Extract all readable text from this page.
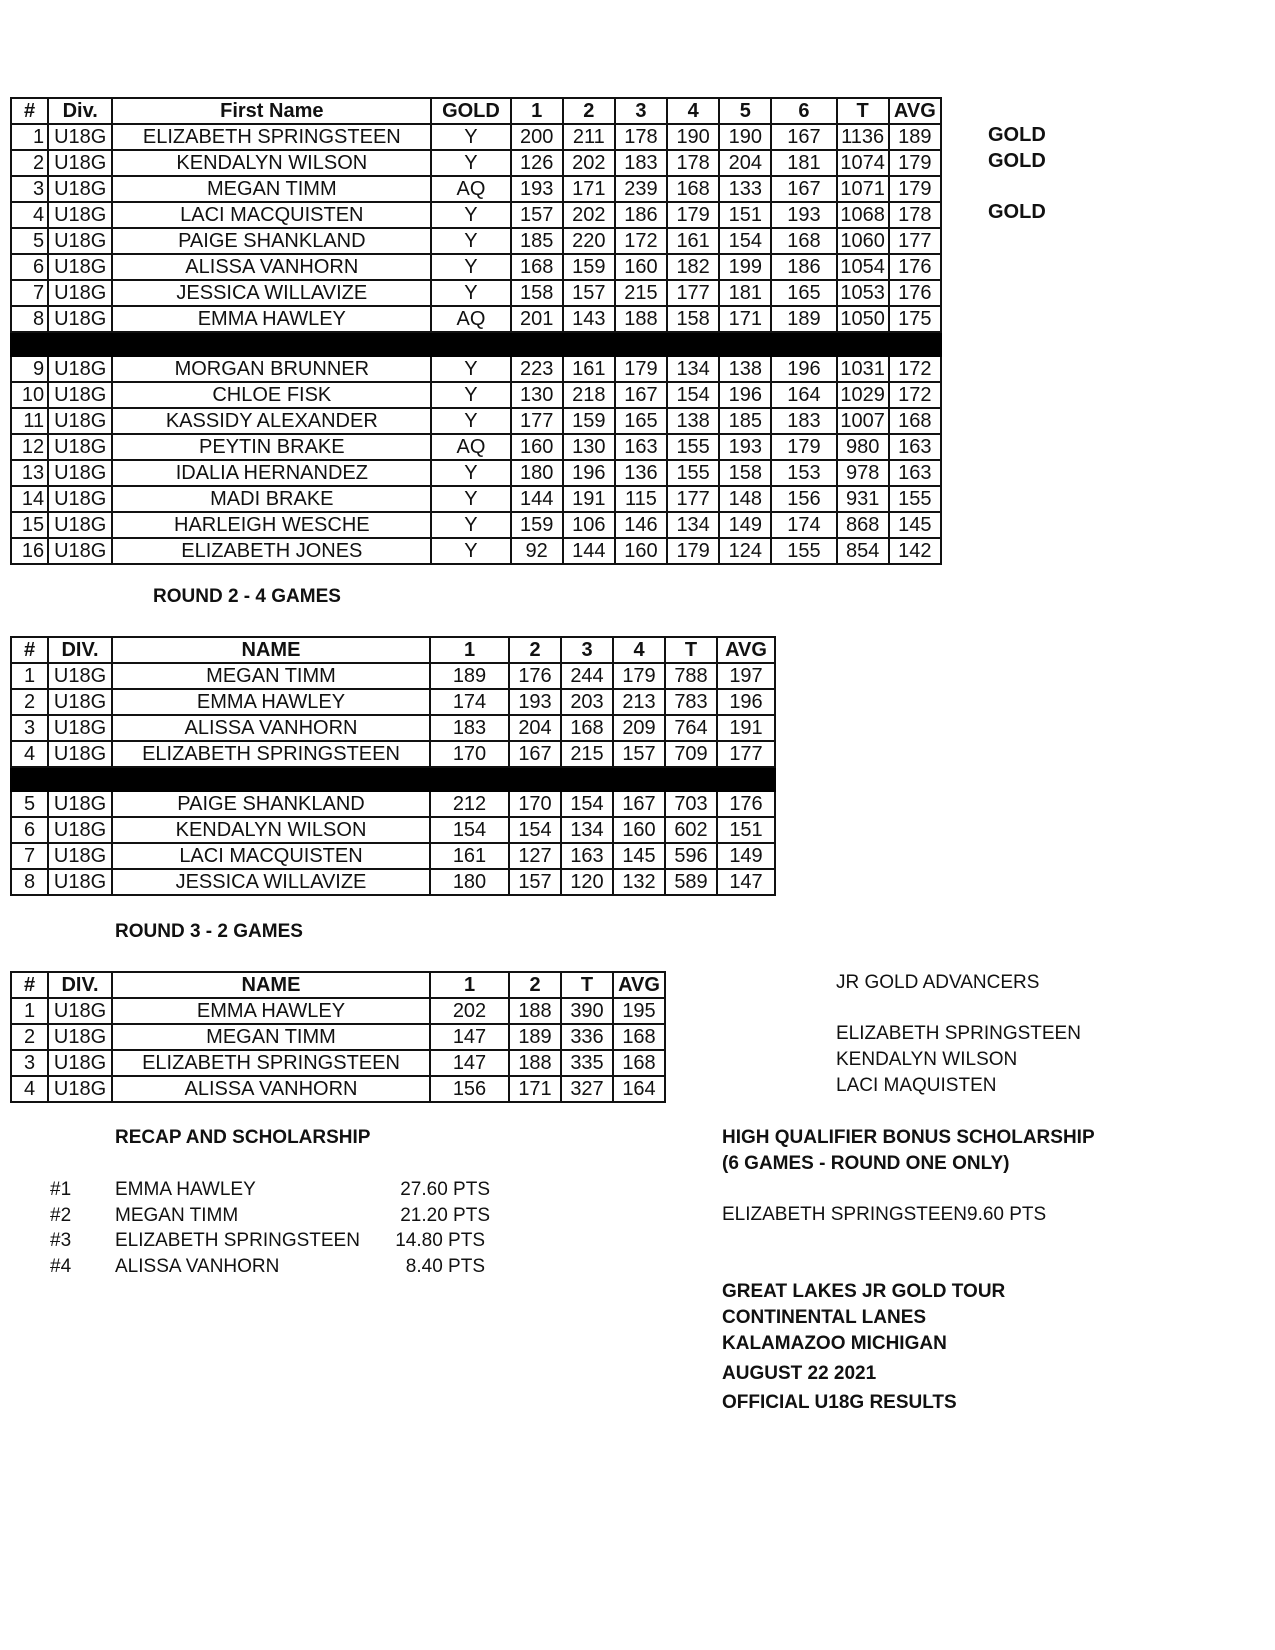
#	Div.	First Name	GOLD	1	2	3	4	5	6	T	AVG
1	U18G	ELIZABETH SPRINGSTEEN	Y	200	211	178	190	190	167	1136	189
2	U18G	KENDALYN WILSON	Y	126	202	183	178	204	181	1074	179
3	U18G	MEGAN TIMM	AQ	193	171	239	168	133	167	1071	179
4	U18G	LACI MACQUISTEN	Y	157	202	186	179	151	193	1068	178
5	U18G	PAIGE SHANKLAND	Y	185	220	172	161	154	168	1060	177
6	U18G	ALISSA VANHORN	Y	168	159	160	182	199	186	1054	176
7	U18G	JESSICA WILLAVIZE	Y	158	157	215	177	181	165	1053	176
8	U18G	EMMA HAWLEY	AQ	201	143	188	158	171	189	1050	175

9	U18G	MORGAN BRUNNER	Y	223	161	179	134	138	196	1031	172
10	U18G	CHLOE FISK	Y	130	218	167	154	196	164	1029	172
11	U18G	KASSIDY ALEXANDER	Y	177	159	165	138	185	183	1007	168
12	U18G	PEYTIN BRAKE	AQ	160	130	163	155	193	179	980	163
13	U18G	IDALIA HERNANDEZ	Y	180	196	136	155	158	153	978	163
14	U18G	MADI BRAKE	Y	144	191	115	177	148	156	931	155
15	U18G	HARLEIGH WESCHE	Y	159	106	146	134	149	174	868	145
16	U18G	ELIZABETH JONES	Y	92	144	160	179	124	155	854	142
GOLD
GOLD
GOLD
ROUND 2 - 4 GAMES
#	DIV.	NAME	1	2	3	4	T	AVG
1	U18G	MEGAN TIMM	189	176	244	179	788	197
2	U18G	EMMA HAWLEY	174	193	203	213	783	196
3	U18G	ALISSA VANHORN	183	204	168	209	764	191
4	U18G	ELIZABETH SPRINGSTEEN	170	167	215	157	709	177

5	U18G	PAIGE SHANKLAND	212	170	154	167	703	176
6	U18G	KENDALYN WILSON	154	154	134	160	602	151
7	U18G	LACI MACQUISTEN	161	127	163	145	596	149
8	U18G	JESSICA WILLAVIZE	180	157	120	132	589	147
ROUND 3 - 2 GAMES
#	DIV.	NAME	1	2	T	AVG
1	U18G	EMMA HAWLEY	202	188	390	195
2	U18G	MEGAN TIMM	147	189	336	168
3	U18G	ELIZABETH SPRINGSTEEN	147	188	335	168
4	U18G	ALISSA VANHORN	156	171	327	164
JR GOLD ADVANCERS
ELIZABETH SPRINGSTEEN
KENDALYN WILSON
LACI MAQUISTEN
RECAP AND SCHOLARSHIP
#1 EMMA HAWLEY	27.60 PTS
#2 MEGAN TIMM	21.20 PTS
#3 ELIZABETH SPRINGSTEEN	14.80 PTS
#4 ALISSA VANHORN	8.40 PTS
HIGH QUALIFIER BONUS SCHOLARSHIP
(6 GAMES - ROUND ONE ONLY)
ELIZABETH SPRINGSTEEN 9.60 PTS
GREAT LAKES JR GOLD TOUR
CONTINENTAL LANES
KALAMAZOO MICHIGAN
AUGUST 22 2021
OFFICIAL U18G RESULTS
